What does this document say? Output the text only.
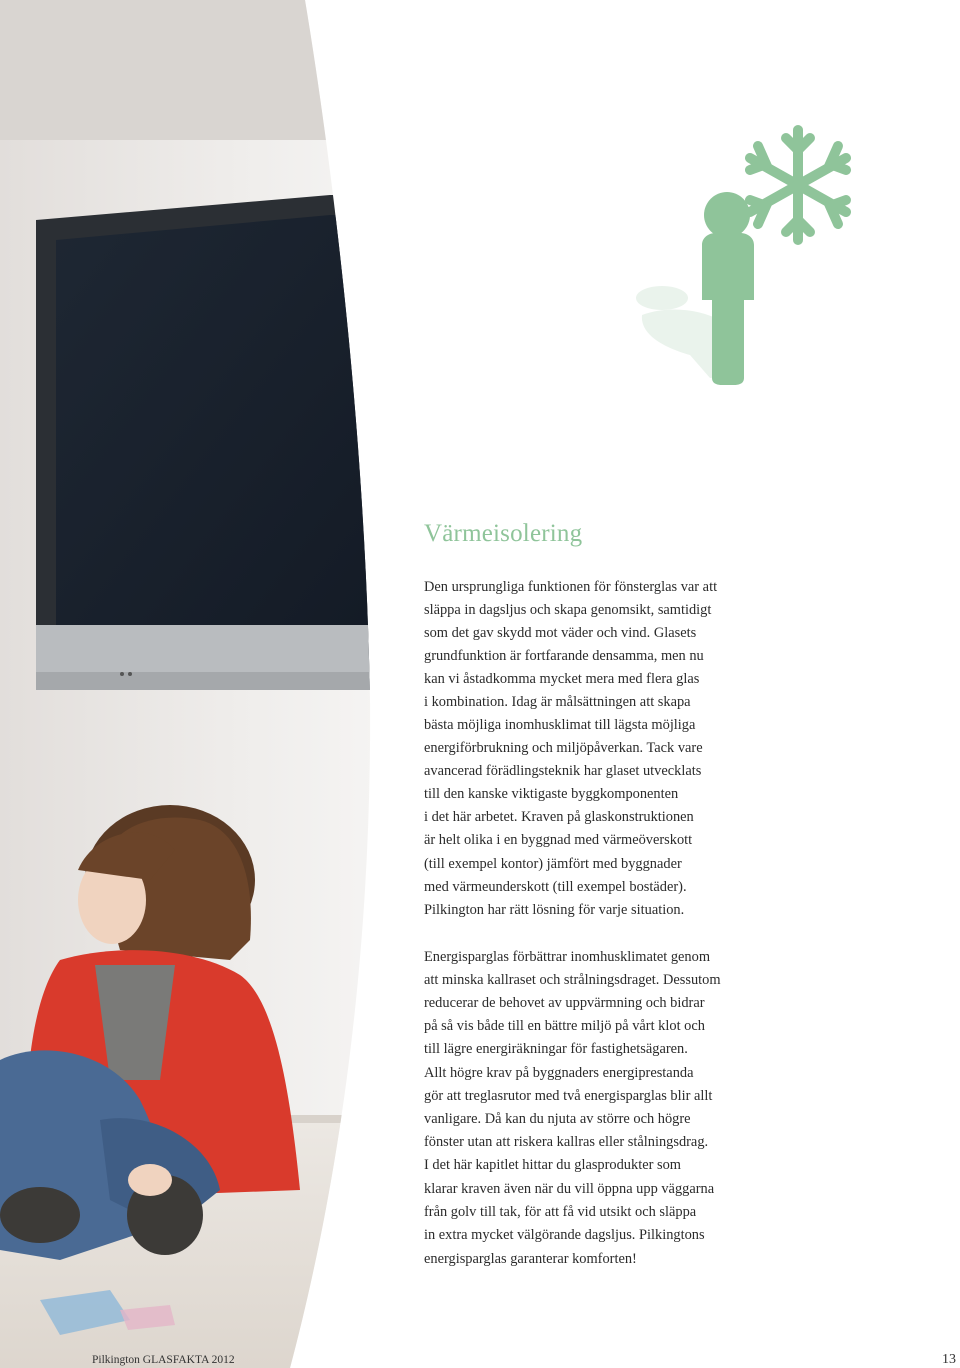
Värmeisolering
Den ursprungliga funktionen för fönsterglas var att
släppa in dagsljus och skapa genomsikt, samtidigt
som det gav skydd mot väder och vind. Glasets
grundfunktion är fortfarande densamma, men nu
kan vi åstadkomma mycket mera med flera glas
i kombination. Idag är målsättningen att skapa
bästa möjliga inomhusklimat till lägsta möjliga
energiförbrukning och miljöpåverkan. Tack vare
avancerad förädlingsteknik har glaset utvecklats
till den kanske viktigaste byggkomponenten
i det här arbetet. Kraven på glaskonstruktionen
är helt olika i en byggnad med värmeöverskott
(till exempel kontor) jämfört med byggnader
med värmeunderskott (till exempel bostäder).
Pilkington har rätt lösning för varje situation.
Energisparglas förbättrar inomhusklimatet genom
att minska kallraset och strålningsdraget. Dessutom
reducerar de behovet av uppvärmning och bidrar
på så vis både till en bättre miljö på vårt klot och
till lägre energiräkningar för fastighetsägaren.
Allt högre krav på byggnaders energiprestanda
gör att treglasrutor med två energisparglas blir allt
vanligare. Då kan du njuta av större och högre
fönster utan att riskera kallras eller stålningsdrag.
I det här kapitlet hittar du glasprodukter som
klarar kraven även när du vill öppna upp väggarna
från golv till tak, för att få vid utsikt och släppa
in extra mycket välgörande dagsljus. Pilkingtons
energisparglas garanterar komforten!
Pilkington GLASFAKTA 2012	13
